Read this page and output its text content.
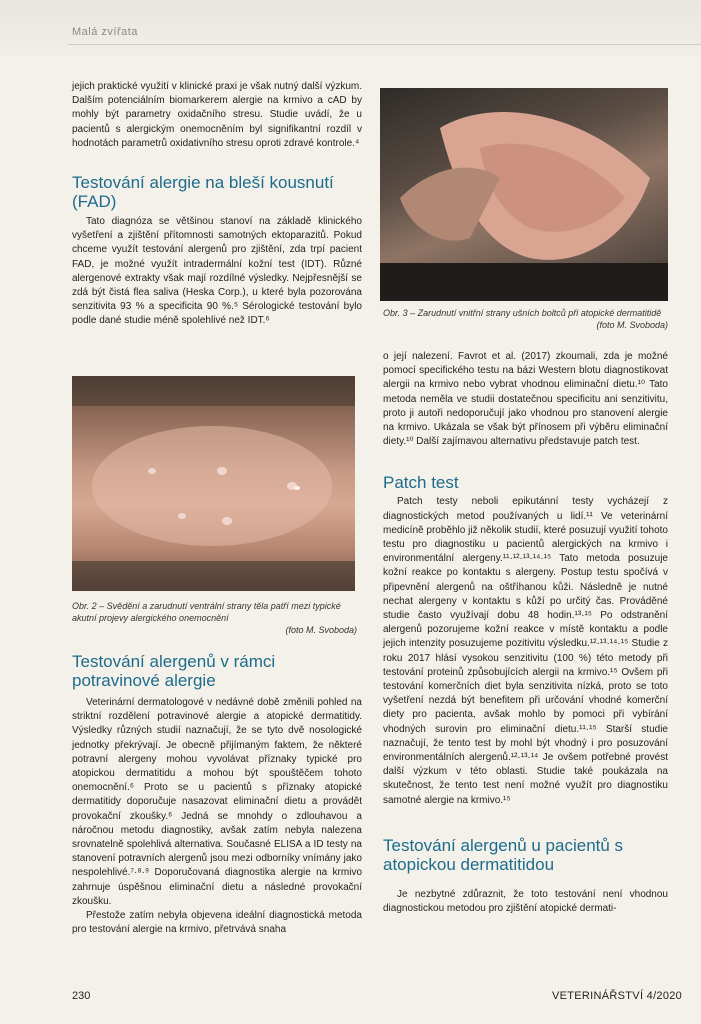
Malá zvířata

jejich praktické využití v klinické praxi je však nutný další výzkum. Dalším potenciálním biomarkerem alergie na krmivo a cAD by mohly být parametry oxidačního stresu. Studie uvádí, že u pacientů s alergickým onemocněním byl signifikantní rozdíl v hodnotách parametrů oxidativního stresu oproti zdravé kontrole.⁴

Testování alergie na bleší kousnutí (FAD)

Tato diagnóza se většinou stanoví na základě klinického vyšetření a zjištění přítomnosti samotných ektoparazitů. Pokud chceme využít testování alergenů pro zjištění, zda trpí pacient FAD, je možné využít intradermální kožní test (IDT). Různé alergenové extrakty však mají rozdílné výsledky. Nejpřesnější se zdá být čistá flea saliva (Heska Corp.), u které byla pozorována senzitivita 93 % a specificita 90 %.⁵ Sérologické testování bylo podle dané studie méně spolehlivé než IDT.⁶

Obr. 2 – Svědění a zarudnutí ventrální strany těla patří mezi typické akutní projevy alergického onemocnění

(foto M. Svoboda)
Testování alergenů v rámci potravinové alergie

Veterinární dermatologové v nedávné době změnili pohled na striktní rozdělení potravinové alergie a atopické dermatitidy. Výsledky různých studií naznačují, že se tyto dvě nosologické jednotky překrývají. Je obecně přijímaným faktem, že některé potravní alergeny mohou vyvolávat příznaky typické pro atopickou dermatitidu a mohou být spouštěčem tohoto onemocnění.⁶ Proto se u pacientů s příznaky atopické dermatitidy doporučuje nasazovat eliminační dietu a provádět provokační zkoušky.⁶ Jedná se mnohdy o zdlouhavou a náročnou metodu diagnostiky, avšak zatím nebyla nalezena srovnatelně spolehlivá alternativa. Současné ELISA a ID testy na stanovení potravních alergenů jsou mezi odborníky vnímány jako nespolehlivé.⁷·⁸·⁹ Doporučovaná diagnostika alergie na krmivo zahrnuje úspěšnou eliminační dietu a následné provokační zkoušku.

Přestože zatím nebyla objevena ideální diagnostická metoda pro testování alergie na krmivo, přetrvává snaha

Obr. 3 – Zarudnutí vnitřní strany ušních boltců při atopické dermatitidě
(foto M. Svoboda)

o její nalezení. Favrot et al. (2017) zkoumali, zda je možné pomocí specifického testu na bázi Western blotu diagnostikovat alergii na krmivo nebo vybrat vhodnou eliminační dietu.¹⁰ Tato metoda neměla ve studii dostatečnou specificitu ani senzitivitu, proto ji autoři nedoporučují jako vhodnou pro stanovení alergie na krmivo. Ukázala se však být přínosem při výběru eliminační diety.¹⁰ Další zajímavou alternativu představuje patch test.

Patch test

Patch testy neboli epikutánní testy vycházejí z diagnostických metod používaných u lidí.¹¹ Ve veterinární medicíně proběhlo již několik studií, které posuzují využití tohoto testu pro diagnostiku u pacientů alergických na krmivo i environmentální alergeny.¹¹·¹²·¹³·¹⁴·¹⁵ Tato metoda posuzuje kožní reakce po kontaktu s alergeny. Postup testu spočívá v připevnění alergenů na oštříhanou kůži. Následně je nutné nechat alergeny v kontaktu s kůží po určitý čas. Prováděné studie často využívají dobu 48 hodin.¹³·¹⁵ Po odstranění alergenů pozorujeme kožní reakce v místě kontaktu a podle jejich intenzity posuzujeme pozitivitu výsledku.¹²·¹³·¹⁴·¹⁵ Studie z roku 2017 hlásí vysokou senzitivitu (100 %) této metody při testování proteinů způsobujících alergii na krmivo.¹⁵ Ovšem při testování komerčních diet byla senzitivita nízká, proto se toto vyšetření nezdá být benefitem při určování vhodné komerční diety pro pacienta, avšak mohlo by pomoci při vybírání vhodných surovin pro eliminační dietu.¹¹·¹⁵ Starší studie naznačují, že tento test by mohl být vhodný i pro posuzování environmentálních alergenů.¹²·¹³·¹⁴ Je ovšem potřebné provést další výzkum v této oblasti. Studie také poukázala na skutečnost, že tento test není možné využít pro diagnostiku samotné alergie na krmivo.¹⁵

Testování alergenů u pacientů s atopickou dermatitidou

Je nezbytné zdůraznit, že toto testování není vhodnou diagnostickou metodou pro zjištění atopické dermati-

230	VETERINÁŘSTVÍ 4/2020
